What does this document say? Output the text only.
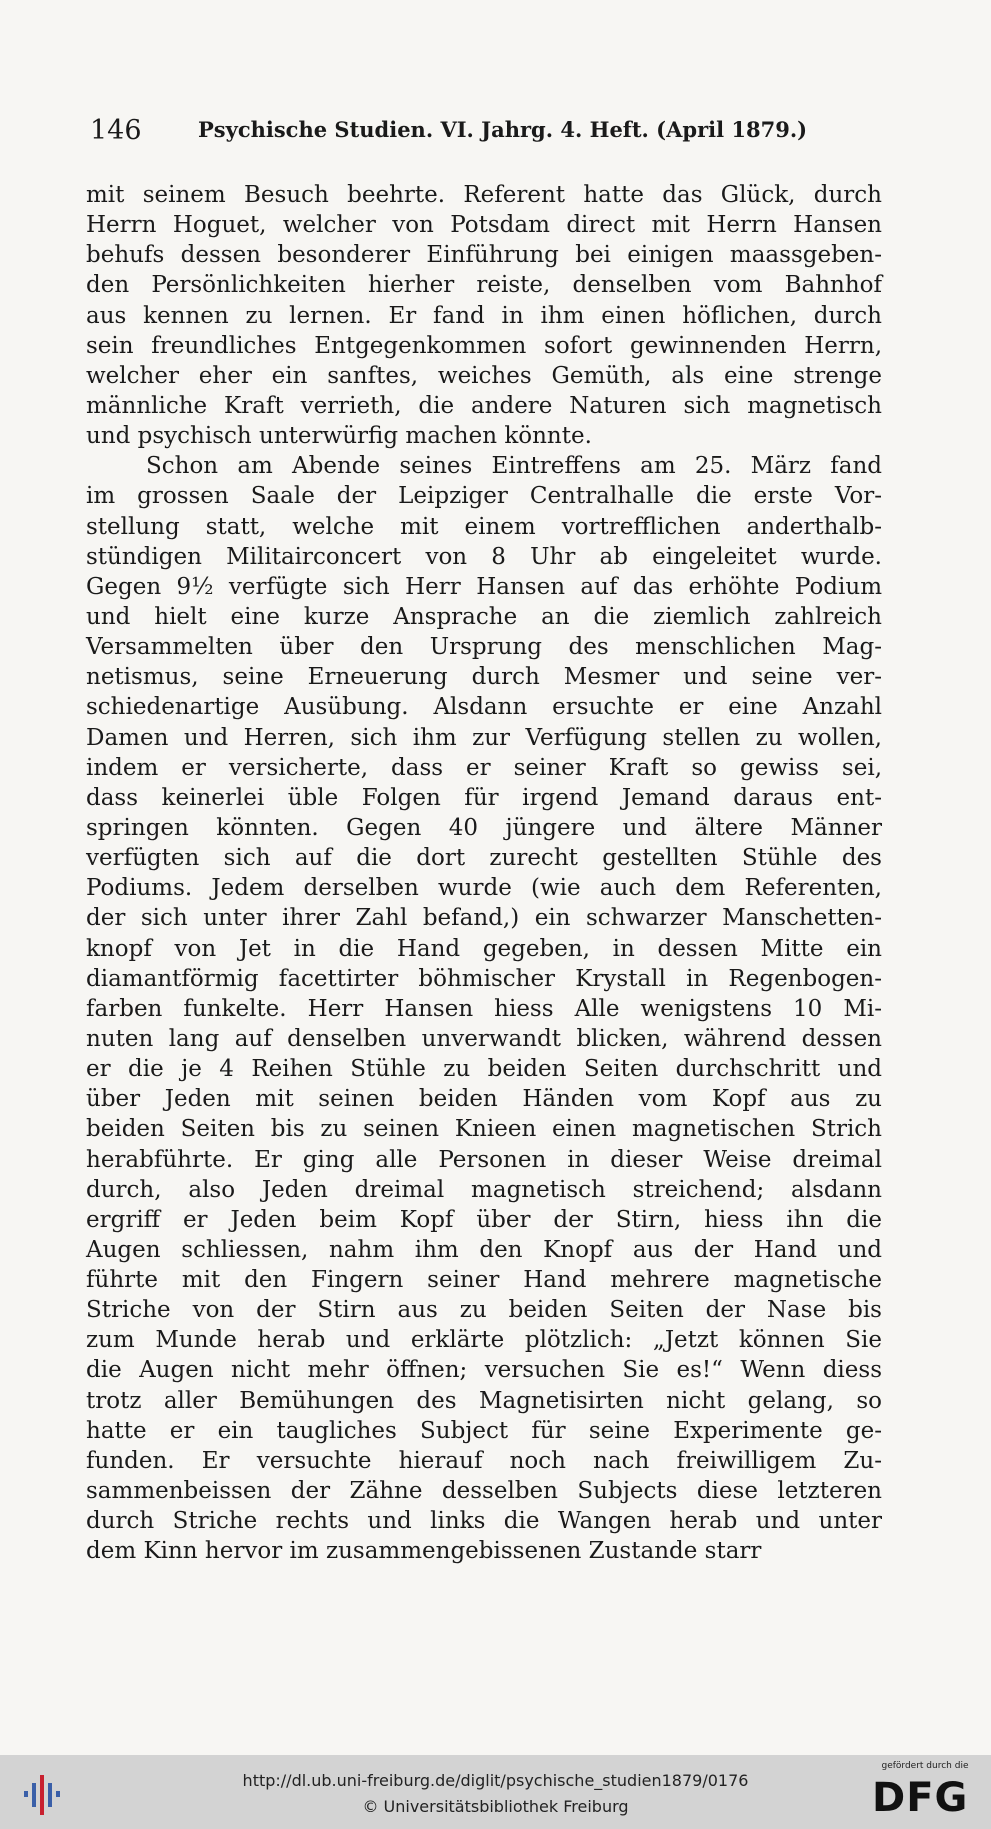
146	Psychische Studien. VI. Jahrg. 4. Heft. (April 1879.)
mit seinem Besuch beehrte. Referent hatte das Glück, durch
Herrn Hoguet, welcher von Potsdam direct mit Herrn Hansen
behufs dessen besonderer Einführung bei einigen maassgeben-
den Persönlichkeiten hierher reiste, denselben vom Bahnhof
aus kennen zu lernen. Er fand in ihm einen höflichen, durch
sein freundliches Entgegenkommen sofort gewinnenden Herrn,
welcher eher ein sanftes, weiches Gemüth, als eine strenge
männliche Kraft verrieth, die andere Naturen sich magnetisch
und psychisch unterwürfig machen könnte.
Schon am Abende seines Eintreffens am 25. März fand
im grossen Saale der Leipziger Centralhalle die erste Vor-
stellung statt, welche mit einem vortrefflichen anderthalb-
stündigen Militairconcert von 8 Uhr ab eingeleitet wurde.
Gegen 9½ verfügte sich Herr Hansen auf das erhöhte Podium
und hielt eine kurze Ansprache an die ziemlich zahlreich
Versammelten über den Ursprung des menschlichen Mag-
netismus, seine Erneuerung durch Mesmer und seine ver-
schiedenartige Ausübung. Alsdann ersuchte er eine Anzahl
Damen und Herren, sich ihm zur Verfügung stellen zu wollen,
indem er versicherte, dass er seiner Kraft so gewiss sei,
dass keinerlei üble Folgen für irgend Jemand daraus ent-
springen könnten. Gegen 40 jüngere und ältere Männer
verfügten sich auf die dort zurecht gestellten Stühle des
Podiums. Jedem derselben wurde (wie auch dem Referenten,
der sich unter ihrer Zahl befand,) ein schwarzer Manschetten-
knopf von Jet in die Hand gegeben, in dessen Mitte ein
diamantförmig facettirter böhmischer Krystall in Regenbogen-
farben funkelte. Herr Hansen hiess Alle wenigstens 10 Mi-
nuten lang auf denselben unverwandt blicken, während dessen
er die je 4 Reihen Stühle zu beiden Seiten durchschritt und
über Jeden mit seinen beiden Händen vom Kopf aus zu
beiden Seiten bis zu seinen Knieen einen magnetischen Strich
herabführte. Er ging alle Personen in dieser Weise dreimal
durch, also Jeden dreimal magnetisch streichend; alsdann
ergriff er Jeden beim Kopf über der Stirn, hiess ihn die
Augen schliessen, nahm ihm den Knopf aus der Hand und
führte mit den Fingern seiner Hand mehrere magnetische
Striche von der Stirn aus zu beiden Seiten der Nase bis
zum Munde herab und erklärte plötzlich: „Jetzt können Sie
die Augen nicht mehr öffnen; versuchen Sie es!“ Wenn diess
trotz aller Bemühungen des Magnetisirten nicht gelang, so
hatte er ein taugliches Subject für seine Experimente ge-
funden. Er versuchte hierauf noch nach freiwilligem Zu-
sammenbeissen der Zähne desselben Subjects diese letzteren
durch Striche rechts und links die Wangen herab und unter
dem Kinn hervor im zusammengebissenen Zustande starr
http://dl.ub.uni-freiburg.de/diglit/psychische_studien1879/0176
© Universitätsbibliothek Freiburg
gefördert durch die
DFG
